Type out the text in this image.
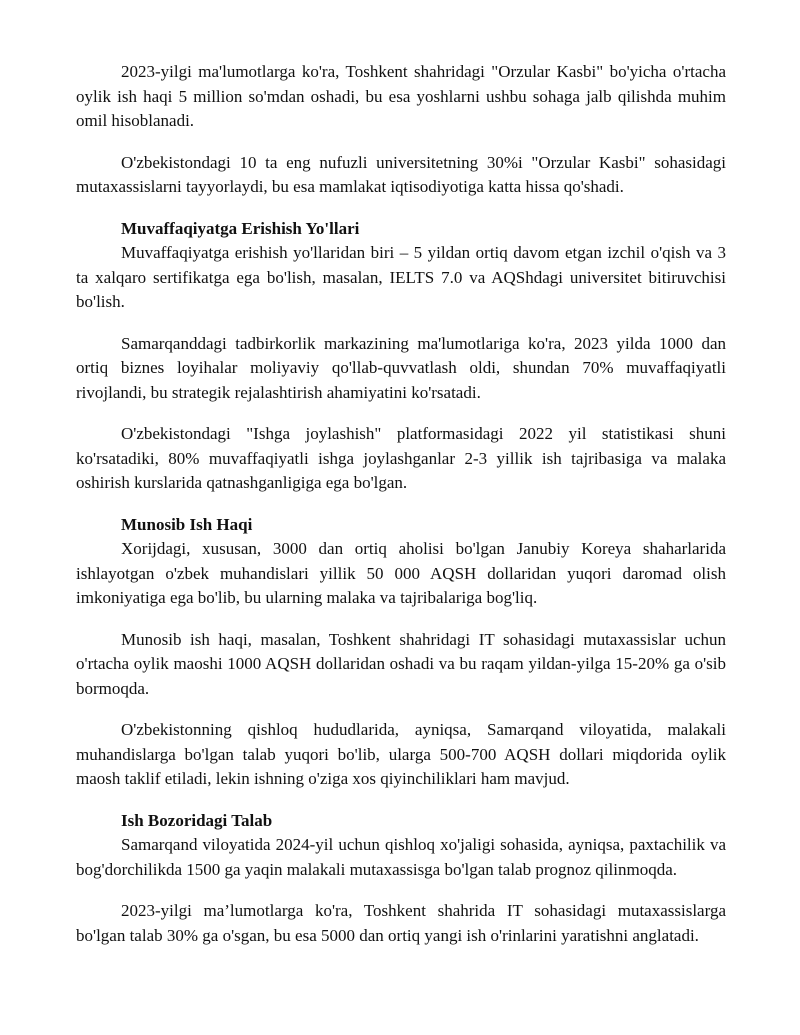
2023-yilgi ma'lumotlarga ko'ra, Toshkent shahridagi "Orzular Kasbi" bo'yicha o'rtacha oylik ish haqi 5 million so'mdan oshadi, bu esa yoshlarni ushbu sohaga jalb qilishda muhim omil hisoblanadi.

O'zbekistondagi 10 ta eng nufuzli universitetning 30%i "Orzular Kasbi" sohasidagi mutaxassislarni tayyorlaydi, bu esa mamlakat iqtisodiyotiga katta hissa qo'shadi.

Muvaffaqiyatga Erishish Yo'llari

Muvaffaqiyatga erishish yo'llaridan biri – 5 yildan ortiq davom etgan izchil o'qish va 3 ta xalqaro sertifikatga ega bo'lish, masalan, IELTS 7.0 va AQShdagi universitet bitiruvchisi bo'lish.

Samarqanddagi tadbirkorlik markazining ma'lumotlariga ko'ra, 2023 yilda 1000 dan ortiq biznes loyihalar moliyaviy qo'llab-quvvatlash oldi, shundan 70% muvaffaqiyatli rivojlandi, bu strategik rejalashtirish ahamiyatini ko'rsatadi.

O'zbekistondagi "Ishga joylashish" platformasidagi 2022 yil statistikasi shuni ko'rsatadiki, 80% muvaffaqiyatli ishga joylashganlar 2-3 yillik ish tajribasiga va malaka oshirish kurslarida qatnashganligiga ega bo'lgan.

Munosib Ish Haqi

Xorijdagi, xususan, 3000 dan ortiq aholisi bo'lgan Janubiy Koreya shaharlarida ishlayotgan o'zbek muhandislari yillik 50 000 AQSH dollaridan yuqori daromad olish imkoniyatiga ega bo'lib, bu ularning malaka va tajribalariga bog'liq.

Munosib ish haqi, masalan, Toshkent shahridagi IT sohasidagi mutaxassislar uchun o'rtacha oylik maoshi 1000 AQSH dollaridan oshadi va bu raqam yildan-yilga 15-20% ga o'sib bormoqda.

O'zbekistonning qishloq hududlarida, ayniqsa, Samarqand viloyatida, malakali muhandislarga bo'lgan talab yuqori bo'lib, ularga 500-700 AQSH dollari miqdorida oylik maosh taklif etiladi, lekin ishning o'ziga xos qiyinchiliklari ham mavjud.

Ish Bozoridagi Talab

Samarqand viloyatida 2024-yil uchun qishloq xo'jaligi sohasida, ayniqsa, paxtachilik va bog'dorchilikda 1500 ga yaqin malakali mutaxassisga bo'lgan talab prognoz qilinmoqda.

2023-yilgi ma’lumotlarga ko'ra, Toshkent shahrida IT sohasidagi mutaxassislarga bo'lgan talab 30% ga o'sgan, bu esa 5000 dan ortiq yangi ish o'rinlarini yaratishni anglatadi.
